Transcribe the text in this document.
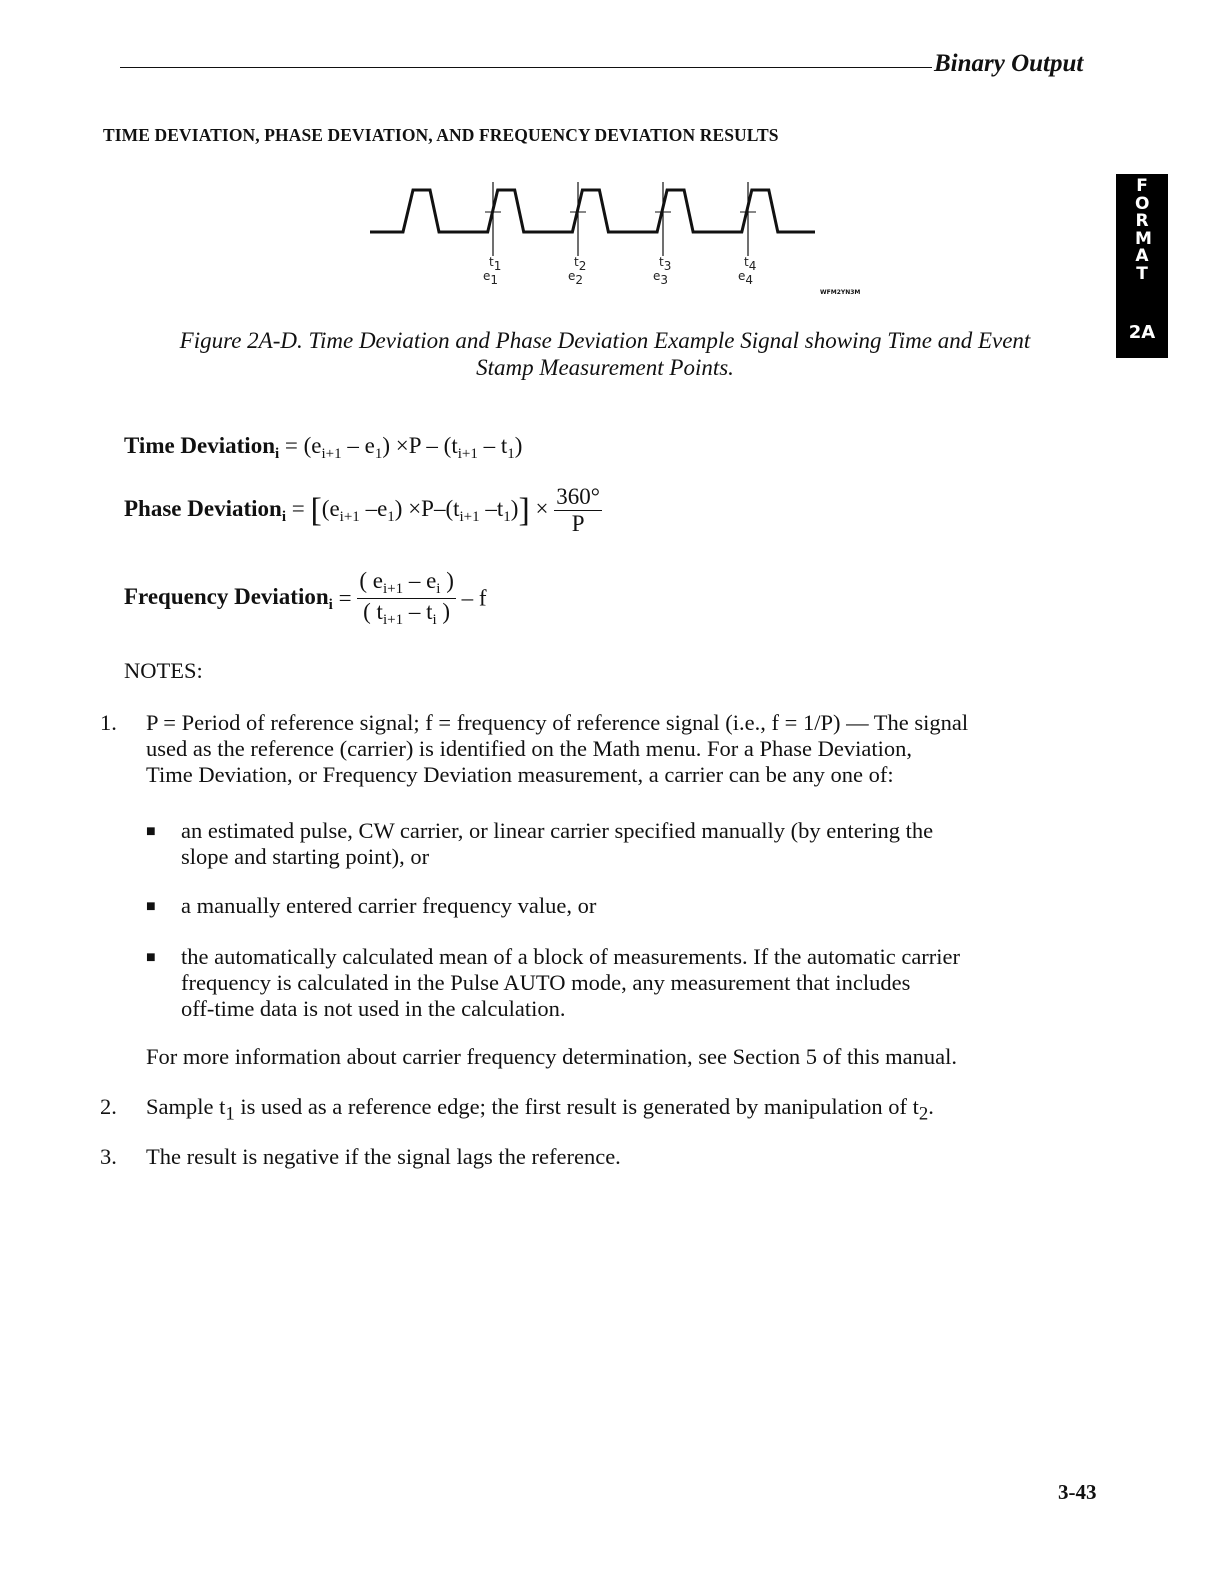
Binary Output
TIME DEVIATION, PHASE DEVIATION, AND FREQUENCY DEVIATION RESULTS
FORMAT
2A
t1
e1
t2
e2
t3
e3
t4
e4
WFM2YN3M
Figure 2A-D. Time Deviation and Phase Deviation Example Signal showing Time and Event
Stamp Measurement Points.
Time Deviation$_i$ = $(e_{i+1} - e_1) \times P - (t_{i+1} - t_1)$
Phase Deviation$_i$ = [($e_{i+1}$ $-e_1) \times P-(t_{i+1}$ $-t_1)] \times \frac{360^\circ}{P}$
Frequency Deviation$_i$ = $\frac{( e_{i+1} - e_i )}{( t_{i+1} - t_i )}$ – f
NOTES:
1. P = Period of reference signal; f = frequency of reference signal (i.e., f = 1/P) — The signal
used as the reference (carrier) is identified on the Math menu. For a Phase Deviation,
Time Deviation, or Frequency Deviation measurement, a carrier can be any one of:
■ an estimated pulse, CW carrier, or linear carrier specified manually (by entering the
slope and starting point), or
■ a manually entered carrier frequency value, or
■ the automatically calculated mean of a block of measurements. If the automatic carrier
frequency is calculated in the Pulse AUTO mode, any measurement that includes
off-time data is not used in the calculation.
For more information about carrier frequency determination, see Section 5 of this manual.
2. Sample $t_1$ is used as a reference edge; the first result is generated by manipulation of $t_2$.
3. The result is negative if the signal lags the reference.
3-43
